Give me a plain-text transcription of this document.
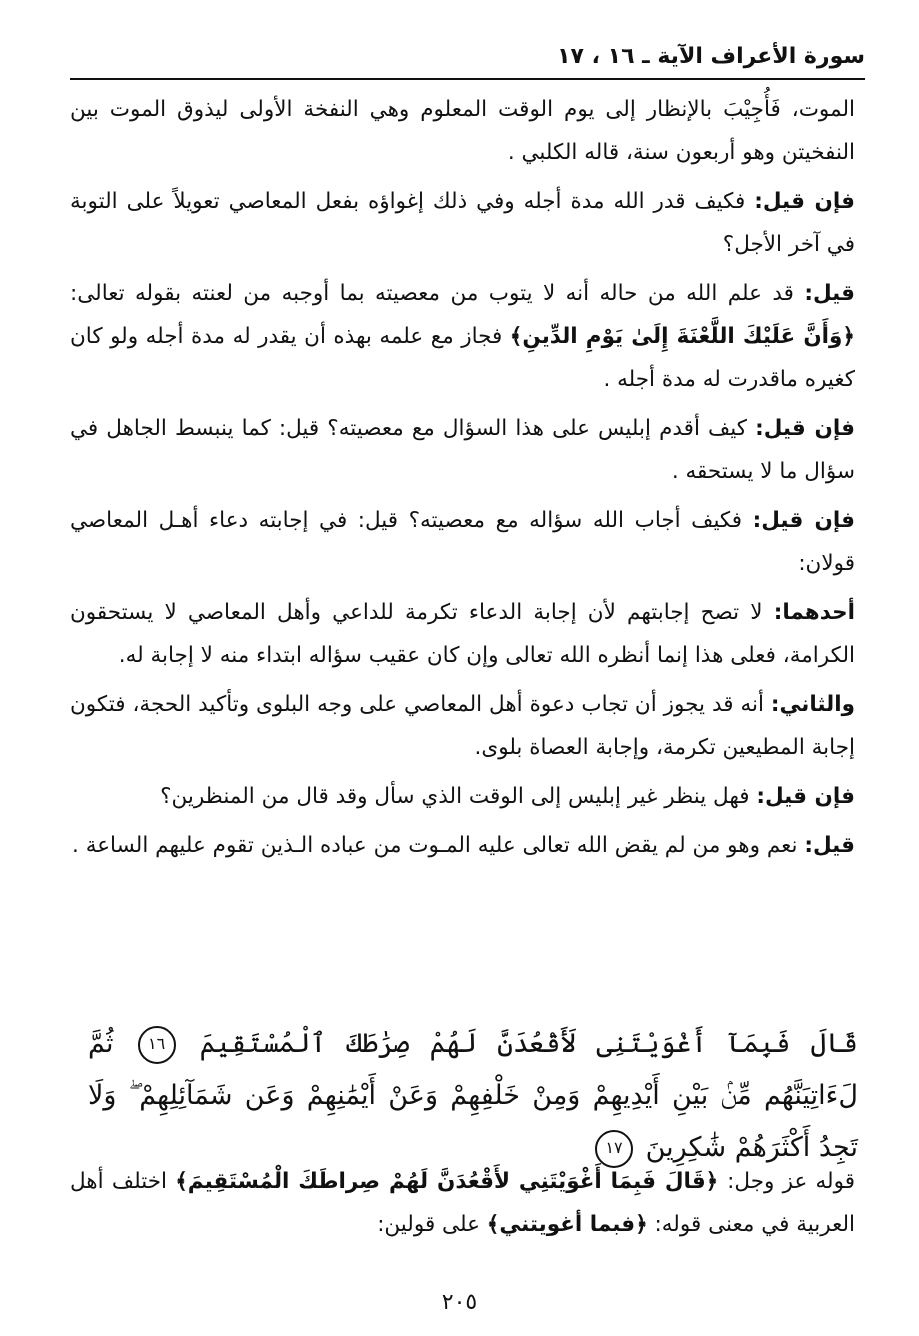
سورة الأعراف الآية ـ ١٦ ، ١٧

الموت، فَأُجِيْبَ بالإنظار إلى يوم الوقت المعلوم وهي النفخة الأولى ليذوق الموت بين النفخيتن وهو أربعون سنة، قاله الكلبي .

فإن قيل: فكيف قدر الله مدة أجله وفي ذلك إغواؤه بفعل المعاصي تعويلاً على التوبة في آخر الأجل؟

قيل: قد علم الله من حاله أنه لا يتوب من معصيته بما أوجبه من لعنته بقوله تعالى: ﴿وَأَنَّ عَلَيْكَ اللَّعْنَةَ إِلَىٰ يَوْمِ الدِّينِ﴾ فجاز مع علمه بهذه أن يقدر له مدة أجله ولو كان كغيره ماقدرت له مدة أجله .

فإن قيل: كيف أقدم إبليس على هذا السؤال مع معصيته؟ قيل: كما ينبسط الجاهل في سؤال ما لا يستحقه .

فإن قيل: فكيف أجاب الله سؤاله مع معصيته؟ قيل: في إجابته دعاء أهـل المعاصي قولان:

أحدهما: لا تصح إجابتهم لأن إجابة الدعاء تكرمة للداعي وأهل المعاصي لا يستحقون الكرامة، فعلى هذا إنما أنظره الله تعالى وإن كان عقيب سؤاله ابتداء منه لا إجابة له.

والثاني: أنه قد يجوز أن تجاب دعوة أهل المعاصي على وجه البلوى وتأكيد الحجة، فتكون إجابة المطيعين تكرمة، وإجابة العصاة بلوى.

فإن قيل: فهل ينظر غير إبليس إلى الوقت الذي سأل وقد قال من المنظرين؟

قيل: نعم وهو من لم يقض الله تعالى عليه المـوت من عباده الـذين تقوم عليهم الساعة .

قَالَ فَبِمَآ أَغْوَيْتَنِى لَأَقْعُدَنَّ لَهُمْ صِرَٰطَكَ ٱلْمُسْتَقِيمَ ١٦ ثُمَّ لَءَاتِيَنَّهُم مِّنۢ بَيْنِ أَيْدِيهِمْ وَمِنْ خَلْفِهِمْ وَعَنْ أَيْمَٰنِهِمْ وَعَن شَمَآئِلِهِمْ ۖ وَلَا تَجِدُ أَكْثَرَهُمْ شَٰكِرِينَ ١٧
قوله عز وجل: ﴿قَالَ فَبِمَا أَغْوَيْتَنِي لأَقْعُدَنَّ لَهُمْ صِراطَكَ الْمُسْتَقِيمَ﴾ اختلف أهل العربية في معنى قوله: ﴿فبما أغويتني﴾ على قولين:
٢٠٥
